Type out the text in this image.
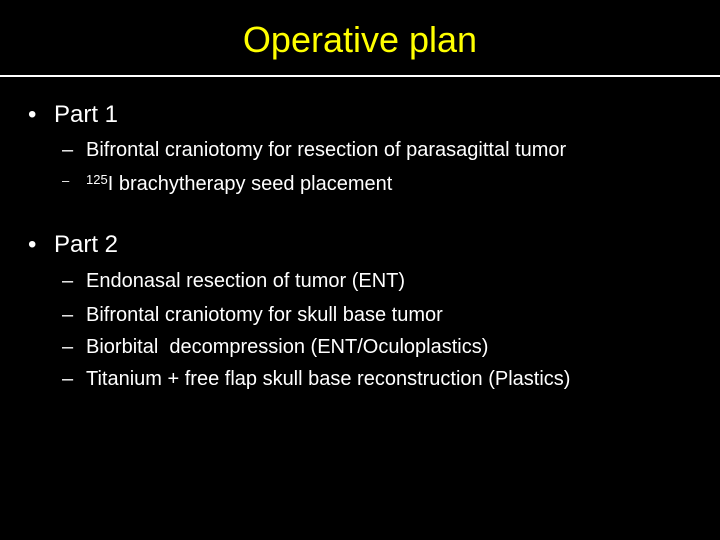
Operative plan
• Part 1
– Bifrontal craniotomy for resection of parasagittal tumor
– $^{125}$I brachytherapy seed placement
• Part 2
– Endonasal resection of tumor (ENT)
– Bifrontal craniotomy for skull base tumor
– Biorbital  decompression (ENT/Oculoplastics)
– Titanium + free flap skull base reconstruction (Plastics)
